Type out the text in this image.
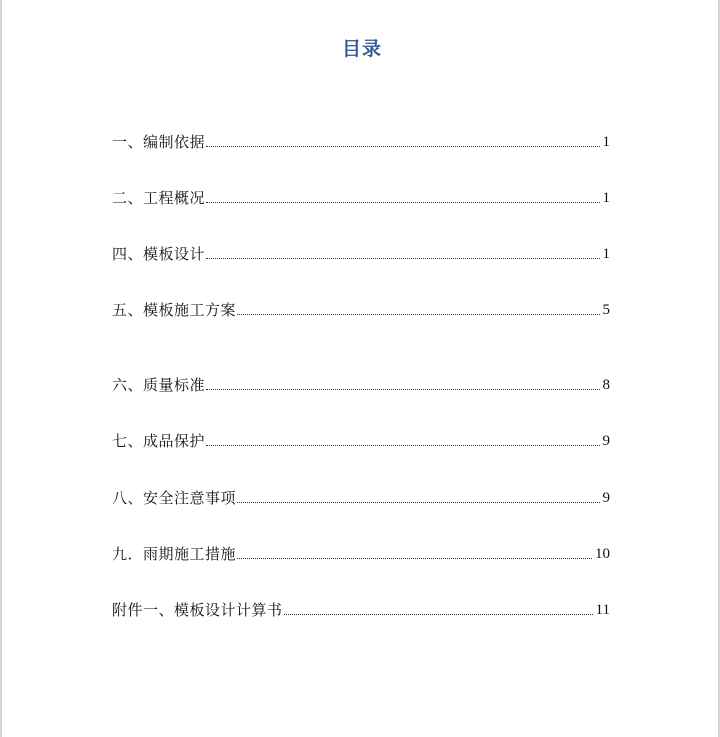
目录
一、编制依据	1
二、工程概况	1
四、模板设计	1
五、模板施工方案	5
六、质量标准	8
七、成品保护	9
八、安全注意事项	9
九．雨期施工措施	10
附件一、模板设计计算书	11
